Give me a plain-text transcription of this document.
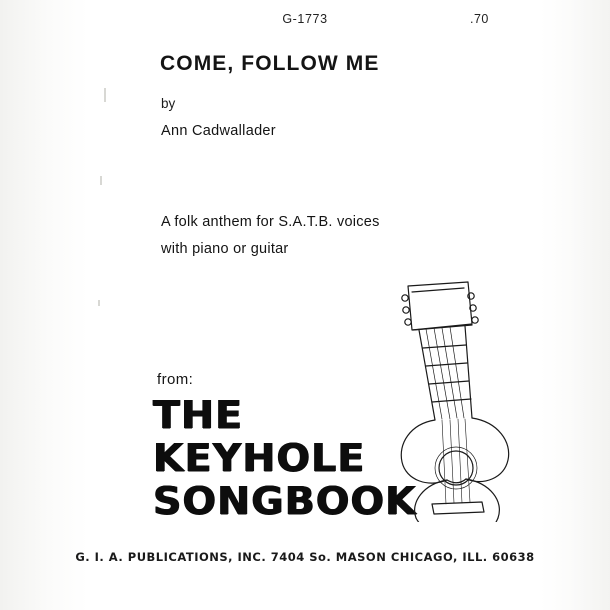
G-1773	.70
COME, FOLLOW ME
by
Ann Cadwallader
A folk anthem for S.A.T.B. voices
with piano or guitar
from:
THE
KEYHOLE
SONGBOOK
G. I. A. PUBLICATIONS, INC. 7404 So. MASON CHICAGO, ILL. 60638
